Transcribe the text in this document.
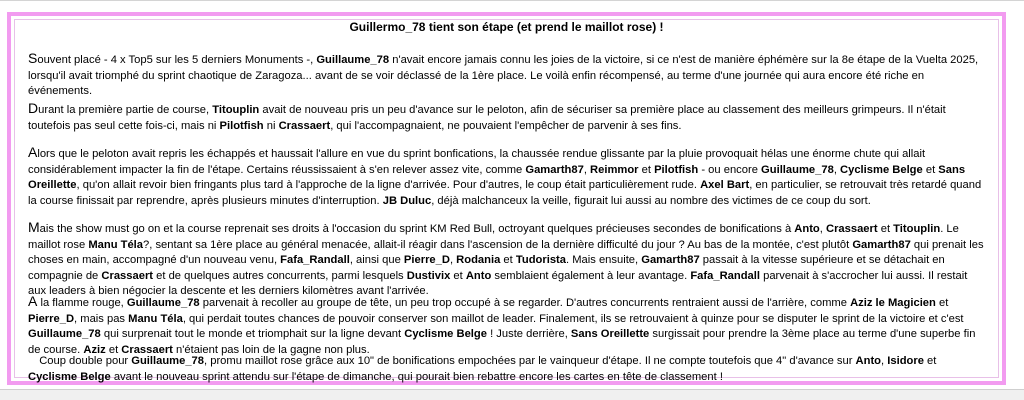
Guillermo_78 tient son étape (et prend le maillot rose) !
Souvent placé - 4 x Top5 sur les 5 derniers Monuments -, Guillaume_78 n'avait encore jamais connu les joies de la victoire, si ce n'est de manière éphémère sur la 8e étape de la Vuelta 2025, lorsqu'il avait triomphé du sprint chaotique de Zaragoza... avant de se voir déclassé de la 1ère place. Le voilà enfin récompensé, au terme d'une journée qui aura encore été riche en événements.
Durant la première partie de course, Titouplin avait de nouveau pris un peu d'avance sur le peloton, afin de sécuriser sa première place au classement des meilleurs grimpeurs. Il n'était toutefois pas seul cette fois-ci, mais ni Pilotfish ni Crassaert, qui l'accompagnaient, ne pouvaient l'empêcher de parvenir à ses fins.
Alors que le peloton avait repris les échappés et haussait l'allure en vue du sprint bonfications, la chaussée rendue glissante par la pluie provoquait hélas une énorme chute qui allait considérablement impacter la fin de l'étape. Certains réussissaient à s'en relever assez vite, comme Gamarth87, Reimmor et Pilotfish - ou encore Guillaume_78, Cyclisme Belge et Sans Oreillette, qu'on allait revoir bien fringants plus tard à l'approche de la ligne d'arrivée. Pour d'autres, le coup était particulièrement rude. Axel Bart, en particulier, se retrouvait très retardé quand la course finissait par reprendre, après plusieurs minutes d'interruption. JB Duluc, déjà malchanceux la veille, figurait lui aussi au nombre des victimes de ce coup du sort.
Mais the show must go on et la course reprenait ses droits à l'occasion du sprint KM Red Bull, octroyant quelques précieuses secondes de bonifications à Anto, Crassaert et Titouplin. Le maillot rose Manu Téla?, sentant sa 1ère place au général menacée, allait-il réagir dans l'ascension de la dernière difficulté du jour ? Au bas de la montée, c'est plutôt Gamarth87 qui prenait les choses en main, accompagné d'un nouveau venu, Fafa_Randall, ainsi que Pierre_D, Rodania et Tudorista. Mais ensuite, Gamarth87 passait à la vitesse supérieure et se détachait en compagnie de Crassaert et de quelques autres concurrents, parmi lesquels Dustivix et Anto semblaient également à leur avantage. Fafa_Randall parvenait à s'accrocher lui aussi. Il restait aux leaders à bien négocier la descente et les derniers kilomètres avant l'arrivée.
A la flamme rouge, Guillaume_78 parvenait à recoller au groupe de tête, un peu trop occupé à se regarder. D'autres concurrents rentraient aussi de l'arrière, comme Aziz le Magicien et Pierre_D, mais pas Manu Téla, qui perdait toutes chances de pouvoir conserver son maillot de leader. Finalement, ils se retrouvaient à quinze pour se disputer le sprint de la victoire et c'est Guillaume_78 qui surprenait tout le monde et triomphait sur la ligne devant Cyclisme Belge ! Juste derrière, Sans Oreillette surgissait pour prendre la 3ème place au terme d'une superbe fin de course. Aziz et Crassaert n'étaient pas loin de la gagne non plus.
 Coup double pour Guillaume_78, promu maillot rose grâce aux 10" de bonifications empochées par le vainqueur d'étape. Il ne compte toutefois que 4" d'avance sur Anto, Isidore et Cyclisme Belge avant le nouveau sprint attendu sur l'étape de dimanche, qui pourait bien rebattre encore les cartes en tête de classement !
